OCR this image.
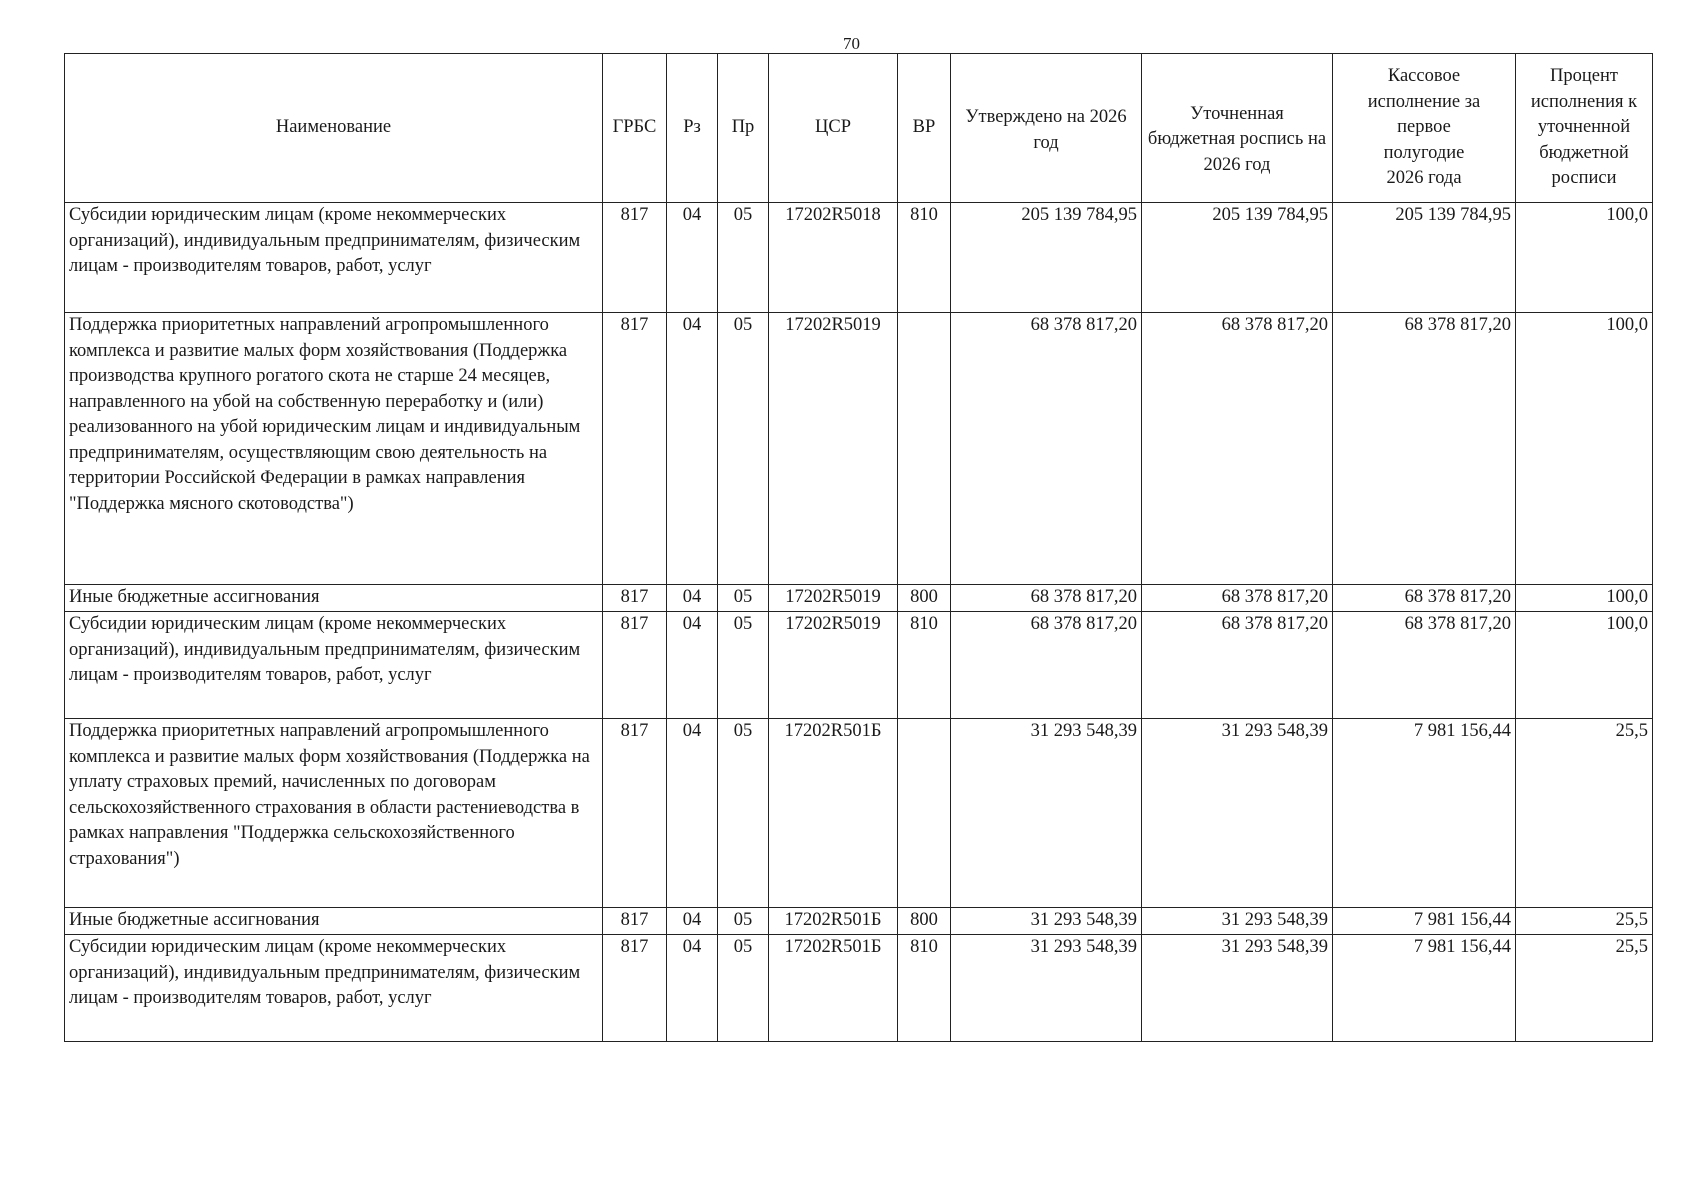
70
Наименование	ГРБС	Рз	Пр	ЦСР	ВР	Утверждено на 2026 год	Уточненная бюджетная роспись на 2026 год	Кассовое исполнение за первое полугодие 2026 года	Процент исполнения к уточненной бюджетной росписи
Субсидии юридическим лицам (кроме некоммерческих организаций), индивидуальным предпринимателям, физическим лицам - производителям товаров, работ, услуг	817	04	05	17202R5018	810	205 139 784,95	205 139 784,95	205 139 784,95	100,0
Поддержка приоритетных направлений агропромышленного комплекса и развитие малых форм хозяйствования (Поддержка производства крупного рогатого скота не старше 24 месяцев, направленного на убой на собственную переработку и (или) реализованного на убой юридическим лицам и индивидуальным предпринимателям, осуществляющим свою деятельность на территории Российской Федерации в рамках направления "Поддержка мясного скотоводства")	817	04	05	17202R5019		68 378 817,20	68 378 817,20	68 378 817,20	100,0
Иные бюджетные ассигнования	817	04	05	17202R5019	800	68 378 817,20	68 378 817,20	68 378 817,20	100,0
Субсидии юридическим лицам (кроме некоммерческих организаций), индивидуальным предпринимателям, физическим лицам - производителям товаров, работ, услуг	817	04	05	17202R5019	810	68 378 817,20	68 378 817,20	68 378 817,20	100,0
Поддержка приоритетных направлений агропромышленного комплекса и развитие малых форм хозяйствования (Поддержка на уплату страховых премий, начисленных по договорам сельскохозяйственного страхования в области растениеводства в рамках направления "Поддержка сельскохозяйственного страхования")	817	04	05	17202R501Б		31 293 548,39	31 293 548,39	7 981 156,44	25,5
Иные бюджетные ассигнования	817	04	05	17202R501Б	800	31 293 548,39	31 293 548,39	7 981 156,44	25,5
Субсидии юридическим лицам (кроме некоммерческих организаций), индивидуальным предпринимателям, физическим лицам - производителям товаров, работ, услуг	817	04	05	17202R501Б	810	31 293 548,39	31 293 548,39	7 981 156,44	25,5
